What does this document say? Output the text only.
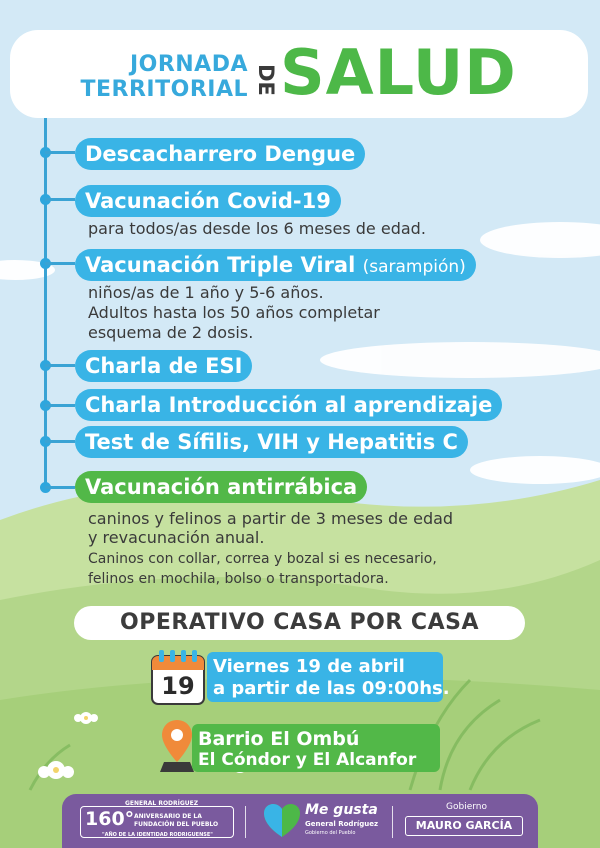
JORNADA
TERRITORIAL DE SALUD
Descacharrero Dengue
Vacunación Covid-19
para todos/as desde los 6 meses de edad.
Vacunación Triple Viral (sarampión)
niños/as de 1 año y 5-6 años.
Adultos hasta los 50 años completar
esquema de 2 dosis.
Charla de ESI
Charla Introducción al aprendizaje
Test de Sífilis, VIH y Hepatitis C
Vacunación antirrábica
caninos y felinos a partir de 3 meses de edad
y revacunación anual.
Caninos con collar, correa y bozal si es necesario,
felinos en mochila, bolso o transportadora.
OPERATIVO CASA POR CASA
19
Viernes 19 de abril
a partir de las 09:00hs.
Barrio El Ombú
El Cóndor y El Alcanfor
GENERAL RODRÍGUEZ
160° ANIVERSARIO DE LA
FUNDACIÓN DEL PUEBLO
"AÑO DE LA IDENTIDAD RODRIGUENSE"
Me gusta
General Rodríguez
Gobierno del Pueblo
Gobierno
MAURO GARCÍA
